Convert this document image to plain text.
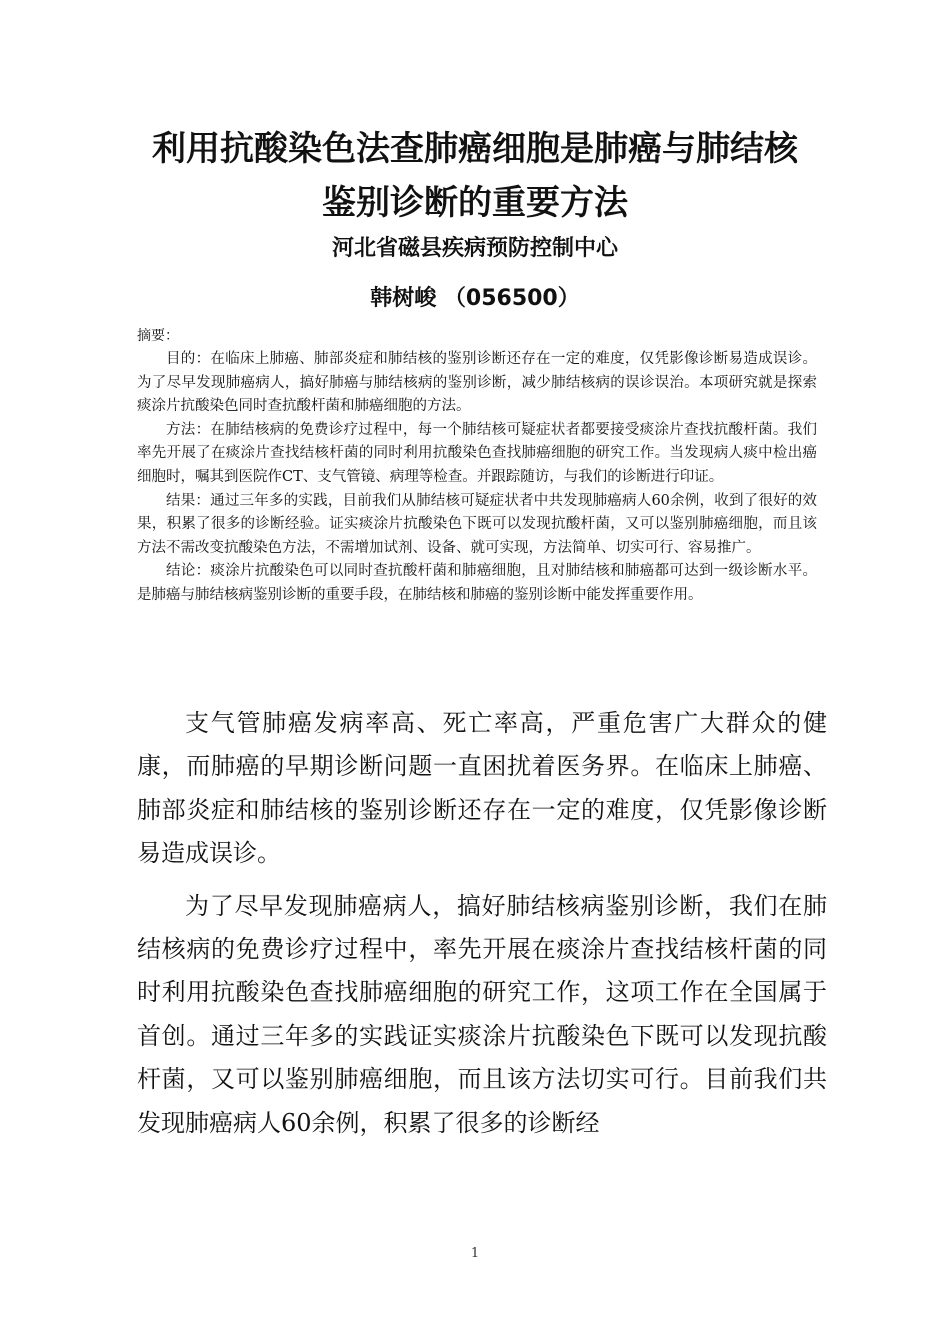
利用抗酸染色法查肺癌细胞是肺癌与肺结核
鉴别诊断的重要方法
河北省磁县疾病预防控制中心
韩树峻 （056500）
摘要：

目的：在临床上肺癌、肺部炎症和肺结核的鉴别诊断还存在一定的难度，仅凭影像诊断易造成误诊。为了尽早发现肺癌病人，搞好肺癌与肺结核病的鉴别诊断，减少肺结核病的误诊误治。本项研究就是探索痰涂片抗酸染色同时查抗酸杆菌和肺癌细胞的方法。

方法：在肺结核病的免费诊疗过程中，每一个肺结核可疑症状者都要接受痰涂片查找抗酸杆菌。我们率先开展了在痰涂片查找结核杆菌的同时利用抗酸染色查找肺癌细胞的研究工作。当发现病人痰中检出癌细胞时，嘱其到医院作CT、支气管镜、病理等检查。并跟踪随访，与我们的诊断进行印证。

结果：通过三年多的实践，目前我们从肺结核可疑症状者中共发现肺癌病人60余例，收到了很好的效果，积累了很多的诊断经验。证实痰涂片抗酸染色下既可以发现抗酸杆菌，又可以鉴别肺癌细胞，而且该方法不需改变抗酸染色方法，不需增加试剂、设备、就可实现，方法简单、切实可行、容易推广。

结论：痰涂片抗酸染色可以同时查抗酸杆菌和肺癌细胞，且对肺结核和肺癌都可达到一级诊断水平。是肺癌与肺结核病鉴别诊断的重要手段，在肺结核和肺癌的鉴别诊断中能发挥重要作用。

支气管肺癌发病率高、死亡率高，严重危害广大群众的健康，而肺癌的早期诊断问题一直困扰着医务界。在临床上肺癌、肺部炎症和肺结核的鉴别诊断还存在一定的难度，仅凭影像诊断易造成误诊。

为了尽早发现肺癌病人，搞好肺结核病鉴别诊断，我们在肺结核病的免费诊疗过程中，率先开展在痰涂片查找结核杆菌的同时利用抗酸染色查找肺癌细胞的研究工作，这项工作在全国属于首创。通过三年多的实践证实痰涂片抗酸染色下既可以发现抗酸杆菌，又可以鉴别肺癌细胞，而且该方法切实可行。目前我们共发现肺癌病人60余例，积累了很多的诊断经

1
